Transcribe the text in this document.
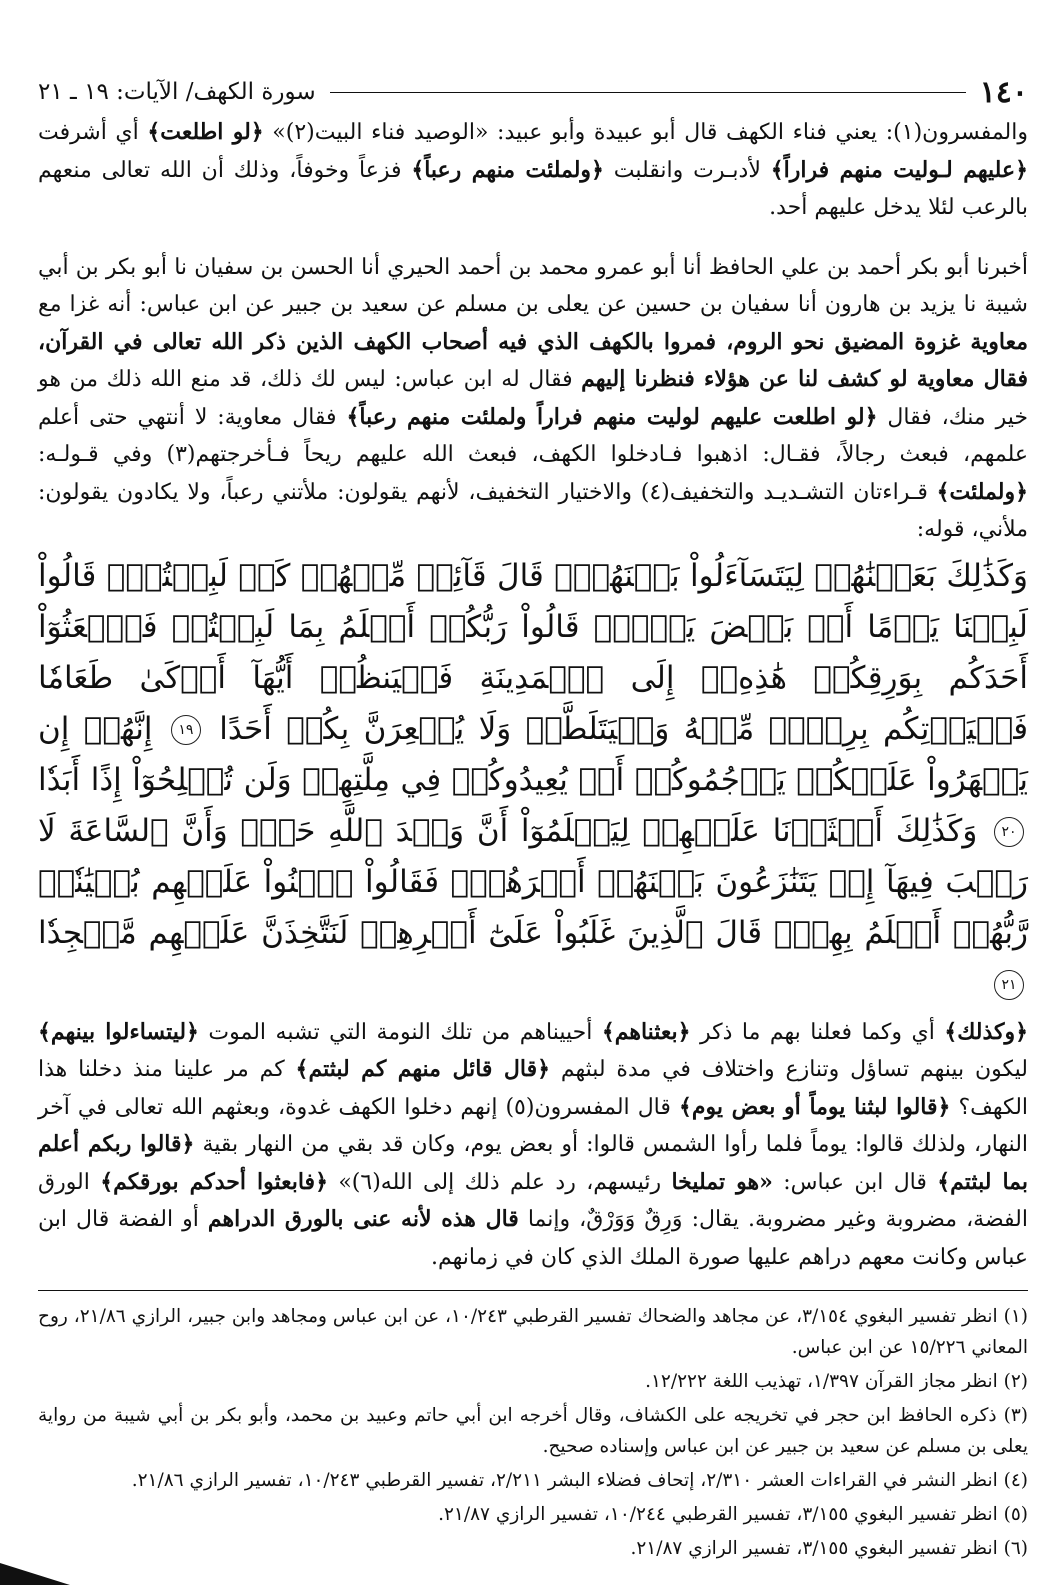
١٤٠
سورة الكهف/ الآيات: ١٩ ـ ٢١

والمفسرون(١): يعني فناء الكهف قال أبو عبيدة وأبو عبيد: «الوصيد فناء البيت(٢)» ﴿لو اطلعت﴾ أي أشرفت ﴿عليهم لـوليت منهم فراراً﴾ لأدبـرت وانقلبت ﴿ولملئت منهم رعباً﴾ فزعاً وخوفاً، وذلك أن الله تعالى منعهم بالرعب لئلا يدخل عليهم أحد.

أخبرنا أبو بكر أحمد بن علي الحافظ أنا أبو عمرو محمد بن أحمد الحيري أنا الحسن بن سفيان نا أبو بكر بن أبي شيبة نا يزيد بن هارون أنا سفيان بن حسين عن يعلى بن مسلم عن سعيد بن جبير عن ابن عباس: أنه غزا مع معاوية غزوة المضيق نحو الروم، فمروا بالكهف الذي فيه أصحاب الكهف الذين ذكر الله تعالى في القرآن، فقال معاوية لو كشف لنا عن هؤلاء فنظرنا إليهم فقال له ابن عباس: ليس لك ذلك، قد منع الله ذلك من هو خير منك، فقال ﴿لو اطلعت عليهم لوليت منهم فراراً ولملئت منهم رعباً﴾ فقال معاوية: لا أنتهي حتى أعلم علمهم، فبعث رجالاً، فقـال: اذهبوا فـادخلوا الكهف، فبعث الله عليهم ريحاً فـأخرجتهم(٣) وفي قـولـه: ﴿ولملئت﴾ قـراءتان التشـديـد والتخفيف(٤) والاختيار التخفيف، لأنهم يقولون: ملأتني رعباً، ولا يكادون يقولون: ملأني، قوله:

وَكَذَٰلِكَ بَعَثۡنَٰهُمۡ لِيَتَسَآءَلُواْ بَيۡنَهُمۡۚ قَالَ قَآئِلٞ مِّنۡهُمۡ كَمۡ لَبِثۡتُمۡۖ قَالُواْ لَبِثۡنَا يَوۡمًا أَوۡ بَعۡضَ يَوۡمٖۚ قَالُواْ رَبُّكُمۡ أَعۡلَمُ بِمَا لَبِثۡتُمۡ فَٱبۡعَثُوٓاْ أَحَدَكُم بِوَرِقِكُمۡ هَٰذِهِۦٓ إِلَى ٱلۡمَدِينَةِ فَلۡيَنظُرۡ أَيُّهَآ أَزۡكَىٰ طَعَامٗا فَلۡيَأۡتِكُم بِرِزۡقٖ مِّنۡهُ وَلۡيَتَلَطَّفۡ وَلَا يُشۡعِرَنَّ بِكُمۡ أَحَدًا ١٩ إِنَّهُمۡ إِن يَظۡهَرُواْ عَلَيۡكُمۡ يَرۡجُمُوكُمۡ أَوۡ يُعِيدُوكُمۡ فِي مِلَّتِهِمۡ وَلَن تُفۡلِحُوٓاْ إِذًا أَبَدٗا ٢٠ وَكَذَٰلِكَ أَعۡثَرۡنَا عَلَيۡهِمۡ لِيَعۡلَمُوٓاْ أَنَّ وَعۡدَ ٱللَّهِ حَقّٞ وَأَنَّ ٱلسَّاعَةَ لَا رَيۡبَ فِيهَآ إِذۡ يَتَنَٰزَعُونَ بَيۡنَهُمۡ أَمۡرَهُمۡۖ فَقَالُواْ ٱبۡنُواْ عَلَيۡهِم بُنۡيَٰنٗاۖ رَّبُّهُمۡ أَعۡلَمُ بِهِمۡۚ قَالَ ٱلَّذِينَ غَلَبُواْ عَلَىٰٓ أَمۡرِهِمۡ لَنَتَّخِذَنَّ عَلَيۡهِم مَّسۡجِدٗا ٢١

﴿وكذلك﴾ أي وكما فعلنا بهم ما ذكر ﴿بعثناهم﴾ أحييناهم من تلك النومة التي تشبه الموت ﴿ليتساءلوا بينهم﴾ ليكون بينهم تساؤل وتنازع واختلاف في مدة لبثهم ﴿قال قائل منهم كم لبثتم﴾ كم مر علينا منذ دخلنا هذا الكهف؟ ﴿قالوا لبثنا يوماً أو بعض يوم﴾ قال المفسرون(٥) إنهم دخلوا الكهف غدوة، وبعثهم الله تعالى في آخر النهار، ولذلك قالوا: يوماً فلما رأوا الشمس قالوا: أو بعض يوم، وكان قد بقي من النهار بقية ﴿قالوا ربكم أعلم بما لبثتم﴾ قال ابن عباس: «هو تمليخا رئيسهم، رد علم ذلك إلى الله(٦)» ﴿فابعثوا أحدكم بورقكم﴾ الورق الفضة، مضروبة وغير مضروبة. يقال: وَرِقٌ وَوَرْقٌ، وإنما قال هذه لأنه عنى بالورق الدراهم أو الفضة قال ابن عباس وكانت معهم دراهم عليها صورة الملك الذي كان في زمانهم.

(١) انظر تفسير البغوي ٣/١٥٤، عن مجاهد والضحاك تفسير القرطبي ١٠/٢٤٣، عن ابن عباس ومجاهد وابن جبير، الرازي ٢١/٨٦، روح المعاني ١٥/٢٢٦ عن ابن عباس.
(٢) انظر مجاز القرآن ١/٣٩٧، تهذيب اللغة ١٢/٢٢٢.
(٣) ذكره الحافظ ابن حجر في تخريجه على الكشاف، وقال أخرجه ابن أبي حاتم وعبيد بن محمد، وأبو بكر بن أبي شيبة من رواية يعلى بن مسلم عن سعيد بن جبير عن ابن عباس وإسناده صحيح.
(٤) انظر النشر في القراءات العشر ٢/٣١٠، إتحاف فضلاء البشر ٢/٢١١، تفسير القرطبي ١٠/٢٤٣، تفسير الرازي ٢١/٨٦.
(٥) انظر تفسير البغوي ٣/١٥٥، تفسير القرطبي ١٠/٢٤٤، تفسير الرازي ٢١/٨٧.
(٦) انظر تفسير البغوي ٣/١٥٥، تفسير الرازي ٢١/٨٧.
